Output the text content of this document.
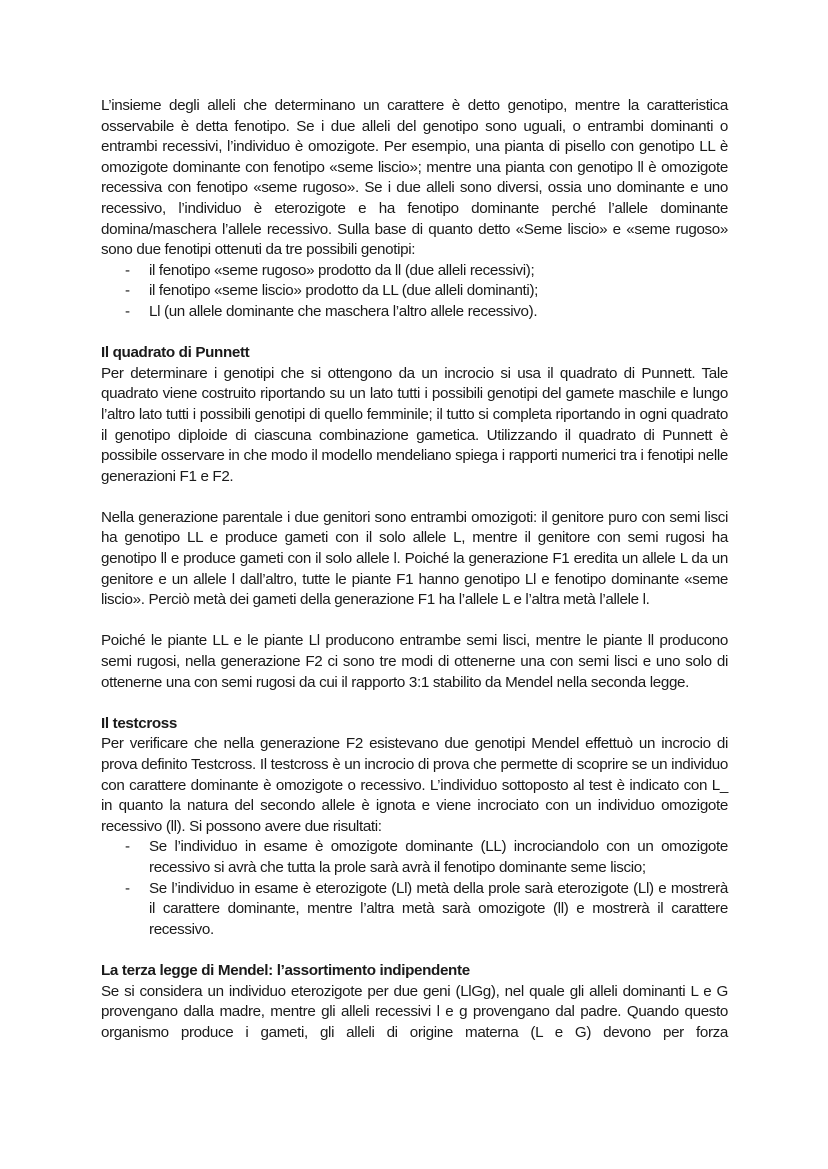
L’insieme degli alleli che determinano un carattere è detto genotipo, mentre la caratteristica osservabile è detta fenotipo. Se i due alleli del genotipo sono uguali, o entrambi dominanti o entrambi recessivi, l’individuo è omozigote. Per esempio, una pianta di pisello con genotipo LL è omozigote dominante con fenotipo «seme liscio»; mentre una pianta con genotipo ll è omozigote recessiva con fenotipo «seme rugoso». Se i due alleli sono diversi, ossia uno dominante e uno recessivo, l’individuo è eterozigote e ha fenotipo dominante perché l’allele dominante domina/maschera l’allele recessivo. Sulla base di quanto detto «Seme liscio» e «seme rugoso» sono due fenotipi ottenuti da tre possibili genotipi:

- il fenotipo «seme rugoso» prodotto da ll (due alleli recessivi);
- il fenotipo «seme liscio» prodotto da LL (due alleli dominanti);
- Ll (un allele dominante che maschera l’altro allele recessivo).

Il quadrato di Punnett

Per determinare i genotipi che si ottengono da un incrocio si usa il quadrato di Punnett. Tale quadrato viene costruito riportando su un lato tutti i possibili genotipi del gamete maschile e lungo l’altro lato tutti i possibili genotipi di quello femminile; il tutto si completa riportando in ogni quadrato il genotipo diploide di ciascuna combinazione gametica. Utilizzando il quadrato di Punnett è possibile osservare in che modo il modello mendeliano spiega i rapporti numerici tra i fenotipi nelle generazioni F1 e F2.

Nella generazione parentale i due genitori sono entrambi omozigoti: il genitore puro con semi lisci ha genotipo LL e produce gameti con il solo allele L, mentre il genitore con semi rugosi ha genotipo ll e produce gameti con il solo allele l. Poiché la generazione F1 eredita un allele L da un genitore e un allele l dall’altro, tutte le piante F1 hanno genotipo Ll e fenotipo dominante «seme liscio». Perciò metà dei gameti della generazione F1 ha l’allele L e l’altra metà l’allele l.

Poiché le piante LL e le piante Ll producono entrambe semi lisci, mentre le piante ll producono semi rugosi, nella generazione F2 ci sono tre modi di ottenerne una con semi lisci e uno solo di ottenerne una con semi rugosi da cui il rapporto 3:1 stabilito da Mendel nella seconda legge.

Il testcross

Per verificare che nella generazione F2 esistevano due genotipi Mendel effettuò un incrocio di prova definito Testcross. Il testcross è un incrocio di prova che permette di scoprire se un individuo con carattere dominante è omozigote o recessivo. L’individuo sottoposto al test è indicato con L_ in quanto la natura del secondo allele è ignota e viene incrociato con un individuo omozigote recessivo (ll). Si possono avere due risultati:

- Se l’individuo in esame è omozigote dominante (LL) incrociandolo con un omozigote recessivo si avrà che tutta la prole sarà avrà il fenotipo dominante seme liscio;
- Se l’individuo in esame è eterozigote (Ll) metà della prole sarà eterozigote (Ll) e mostrerà il carattere dominante, mentre l’altra metà sarà omozigote (ll) e mostrerà il carattere recessivo.

La terza legge di Mendel: l’assortimento indipendente

Se si considera un individuo eterozigote per due geni (LlGg), nel quale gli alleli dominanti L e G provengano dalla madre, mentre gli alleli recessivi l e g provengano dal padre. Quando questo organismo produce i gameti, gli alleli di origine materna (L e G) devono per forza
